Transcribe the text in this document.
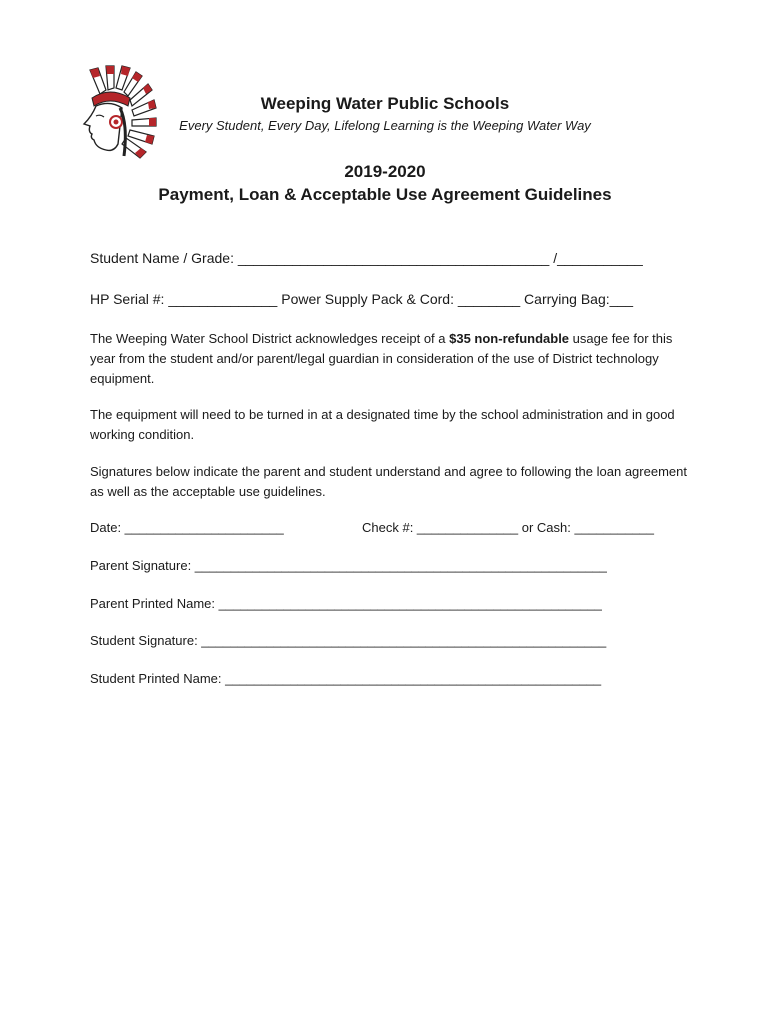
Weeping Water Public Schools
Every Student, Every Day, Lifelong Learning is the Weeping Water Way
2019-2020
Payment, Loan & Acceptable Use Agreement Guidelines
Student Name / Grade: ________________________________________ /___________
HP Serial #: ______________ Power Supply Pack & Cord: ________ Carrying Bag:___
The Weeping Water School District acknowledges receipt of a $35 non-refundable usage fee for this year from the student and/or parent/legal guardian in consideration of the use of District technology equipment.
The equipment will need to be turned in at a designated time by the school administration and in good working condition.
Signatures below indicate the parent and student understand and agree to following the loan agreement as well as the acceptable use guidelines.
Date: ______________________	Check #: ______________ or Cash: ___________
Parent Signature: _________________________________________________________
Parent Printed Name: _____________________________________________________
Student Signature: ________________________________________________________
Student Printed Name: ____________________________________________________
